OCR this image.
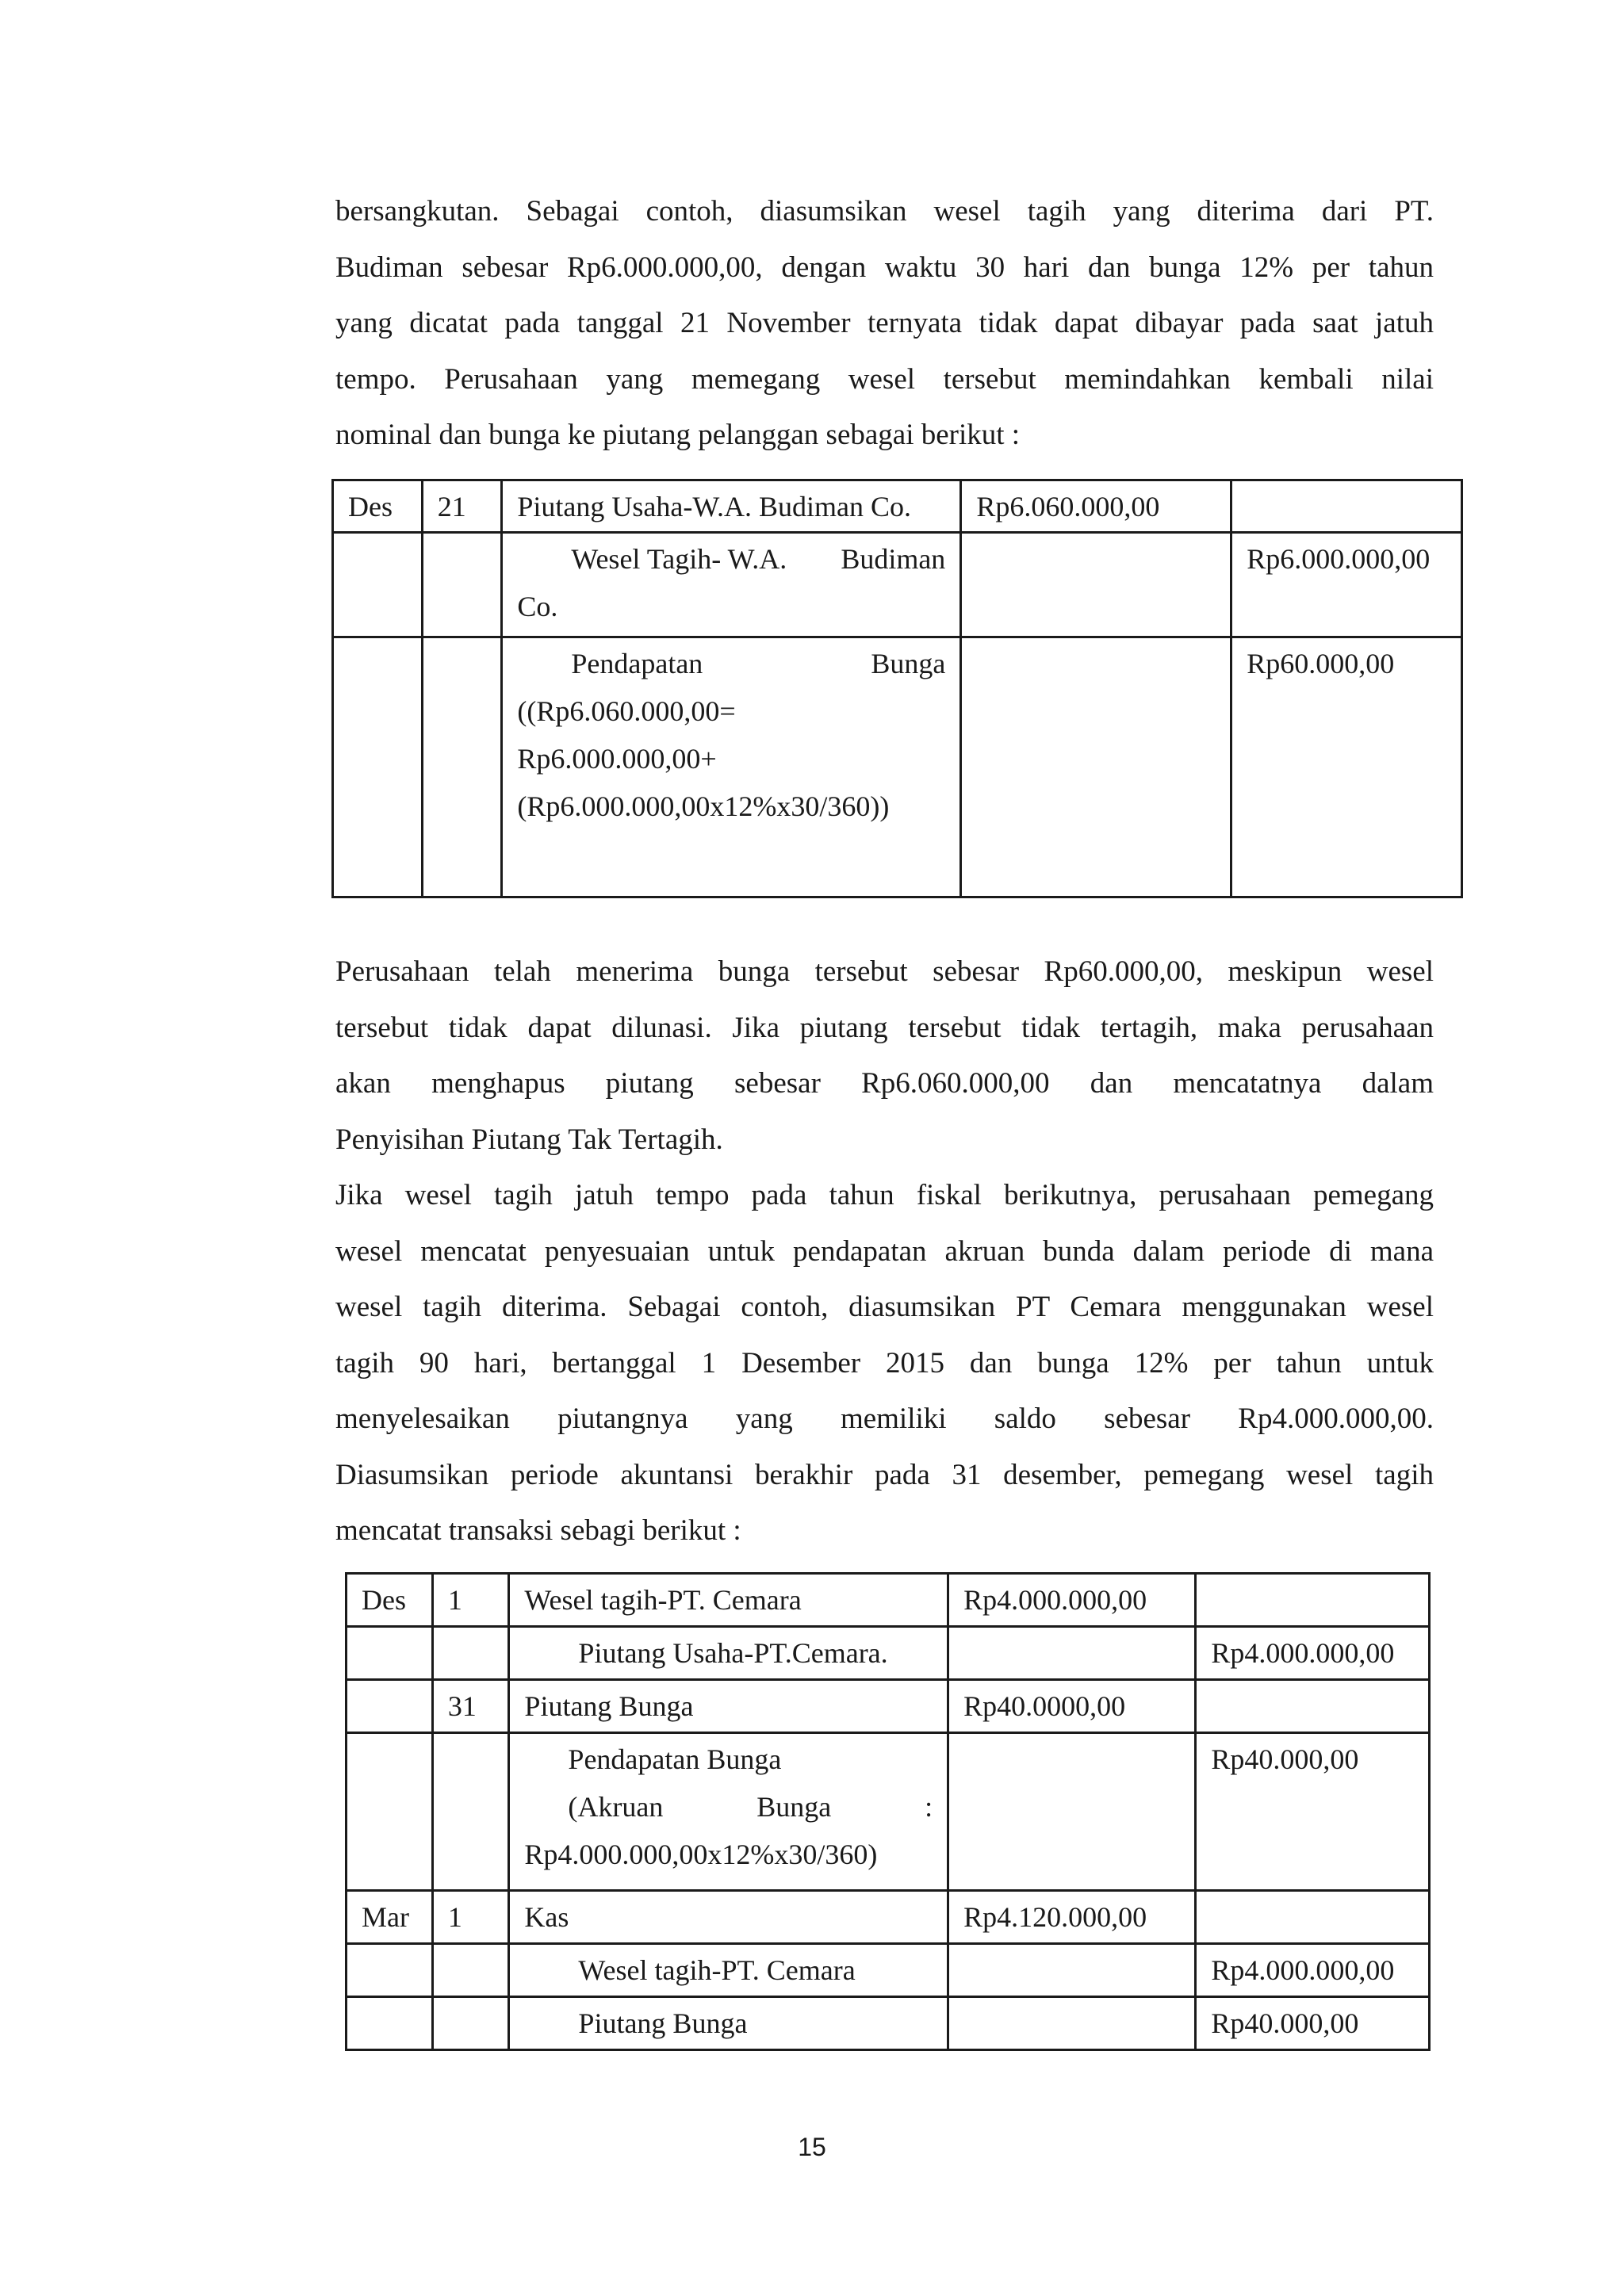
bersangkutan. Sebagai contoh, diasumsikan wesel tagih yang diterima dari PT.
Budiman sebesar Rp6.000.000,00, dengan waktu 30 hari dan bunga 12% per tahun
yang dicatat pada tanggal 21 November ternyata tidak dapat dibayar pada saat jatuh
tempo. Perusahaan yang memegang wesel tersebut memindahkan kembali nilai
nominal dan bunga ke piutang pelanggan sebagai berikut :
Des	21	Piutang Usaha-W.A. Budiman Co.	Rp6.060.000,00	

		Wesel Tagih- W.A. Budiman
Co.		Rp6.000.000,00

		Pendapatan Bunga
((Rp6.060.000,00=
Rp6.000.000,00+
(Rp6.000.000,00x12%x30/360))		Rp60.000,00
Perusahaan telah menerima bunga tersebut sebesar Rp60.000,00, meskipun wesel
tersebut tidak dapat dilunasi. Jika piutang tersebut tidak tertagih, maka perusahaan
akan menghapus piutang sebesar Rp6.060.000,00 dan mencatatnya dalam
Penyisihan Piutang Tak Tertagih.
Jika wesel tagih jatuh tempo pada tahun fiskal berikutnya, perusahaan pemegang
wesel mencatat penyesuaian untuk pendapatan akruan bunda dalam periode di mana
wesel tagih diterima. Sebagai contoh, diasumsikan PT Cemara menggunakan wesel
tagih 90 hari, bertanggal 1 Desember 2015 dan bunga 12% per tahun untuk
menyelesaikan piutangnya yang memiliki saldo sebesar Rp4.000.000,00.
Diasumsikan periode akuntansi berakhir pada 31 desember, pemegang wesel tagih
mencatat transaksi sebagi berikut :
Des	1	Wesel tagih-PT. Cemara	Rp4.000.000,00	
		Piutang Usaha-PT.Cemara.		Rp4.000.000,00
	31	Piutang Bunga	Rp40.0000,00	

		Pendapatan Bunga
(Akruan Bunga :
Rp4.000.000,00x12%x30/360)		Rp40.000,00
Mar	1	Kas	Rp4.120.000,00	
		Wesel tagih-PT. Cemara		Rp4.000.000,00
		Piutang Bunga		Rp40.000,00
15
